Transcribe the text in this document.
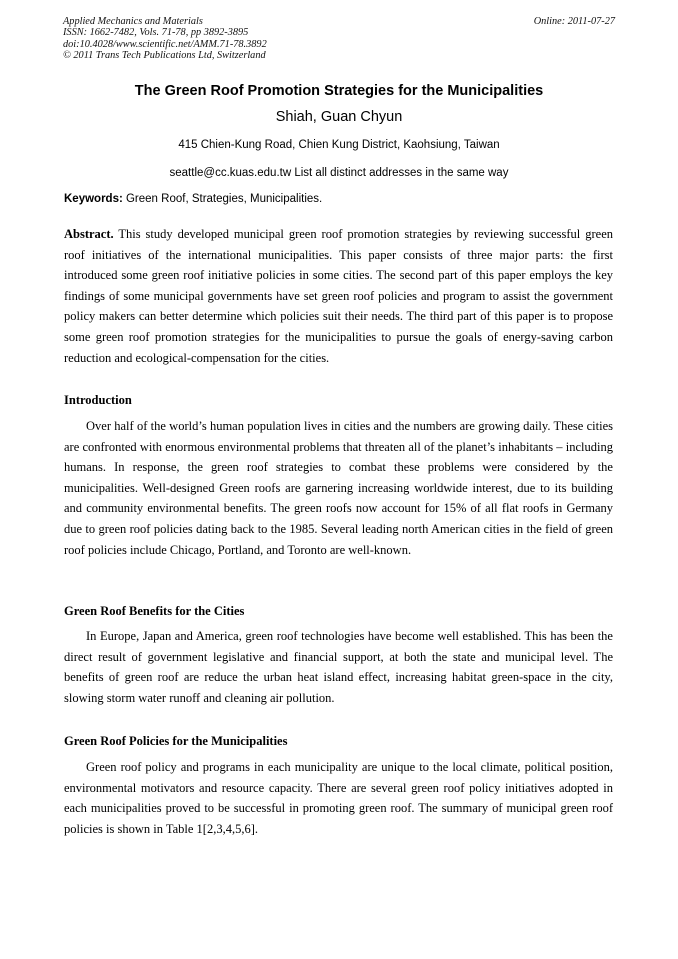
Applied Mechanics and Materials
ISSN: 1662-7482, Vols. 71-78, pp 3892-3895
doi:10.4028/www.scientific.net/AMM.71-78.3892
© 2011 Trans Tech Publications Ltd, Switzerland
Online: 2011-07-27
The Green Roof Promotion Strategies for the Municipalities
Shiah, Guan Chyun
415 Chien-Kung Road, Chien Kung District, Kaohsiung, Taiwan
seattle@cc.kuas.edu.tw List all distinct addresses in the same way
Keywords: Green Roof, Strategies, Municipalities.
Abstract. This study developed municipal green roof promotion strategies by reviewing successful green roof initiatives of the international municipalities. This paper consists of three major parts: the first introduced some green roof initiative policies in some cities. The second part of this paper employs the key findings of some municipal governments have set green roof policies and program to assist the government policy makers can better determine which policies suit their needs. The third part of this paper is to propose some green roof promotion strategies for the municipalities to pursue the goals of energy-saving carbon reduction and ecological-compensation for the cities.
Introduction
Over half of the world’s human population lives in cities and the numbers are growing daily. These cities are confronted with enormous environmental problems that threaten all of the planet’s inhabitants – including humans. In response, the green roof strategies to combat these problems were considered by the municipalities. Well-designed Green roofs are garnering increasing worldwide interest, due to its building and community environmental benefits. The green roofs now account for 15% of all flat roofs in Germany due to green roof policies dating back to the 1985. Several leading north American cities in the field of green roof policies include Chicago, Portland, and Toronto are well-known.
Green Roof Benefits for the Cities
In Europe, Japan and America, green roof technologies have become well established. This has been the direct result of government legislative and financial support, at both the state and municipal level. The benefits of green roof are reduce the urban heat island effect, increasing habitat green-space in the city, slowing storm water runoff and cleaning air pollution.
Green Roof Policies for the Municipalities
Green roof policy and programs in each municipality are unique to the local climate, political position, environmental motivators and resource capacity. There are several green roof policy initiatives adopted in each municipalities proved to be successful in promoting green roof. The summary of municipal green roof policies is shown in Table 1[2,3,4,5,6].
